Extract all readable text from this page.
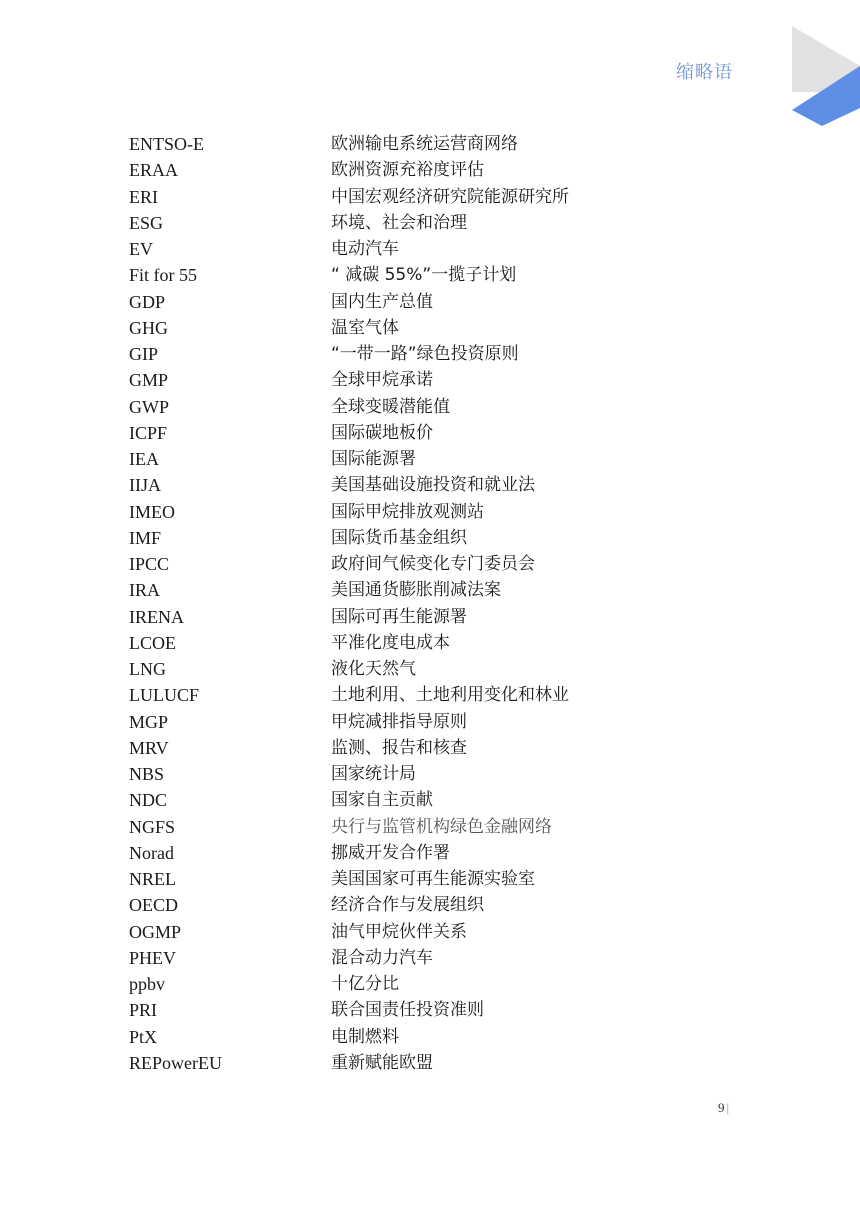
缩略语
ENTSO-E	欧洲输电系统运营商网络
ERAA	欧洲资源充裕度评估
ERI	中国宏观经济研究院能源研究所
ESG	环境、社会和治理
EV	电动汽车
Fit for 55	“ 减碳 55%”一揽子计划
GDP	国内生产总值
GHG	温室气体
GIP	“一带一路”绿色投资原则
GMP	全球甲烷承诺
GWP	全球变暖潜能值
ICPF	国际碳地板价
IEA	国际能源署
IIJA	美国基础设施投资和就业法
IMEO	国际甲烷排放观测站
IMF	国际货币基金组织
IPCC	政府间气候变化专门委员会
IRA	美国通货膨胀削减法案
IRENA	国际可再生能源署
LCOE	平准化度电成本
LNG	液化天然气
LULUCF	土地利用、土地利用变化和林业
MGP	甲烷减排指导原则
MRV	监测、报告和核查
NBS	国家统计局
NDC	国家自主贡献
NGFS	央行与监管机构绿色金融网络
Norad	挪威开发合作署
NREL	美国国家可再生能源实验室
OECD	经济合作与发展组织
OGMP	油气甲烷伙伴关系
PHEV	混合动力汽车
ppbv	十亿分比
PRI	联合国责任投资准则
PtX	电制燃料
REPowerEU	重新赋能欧盟
9 |
